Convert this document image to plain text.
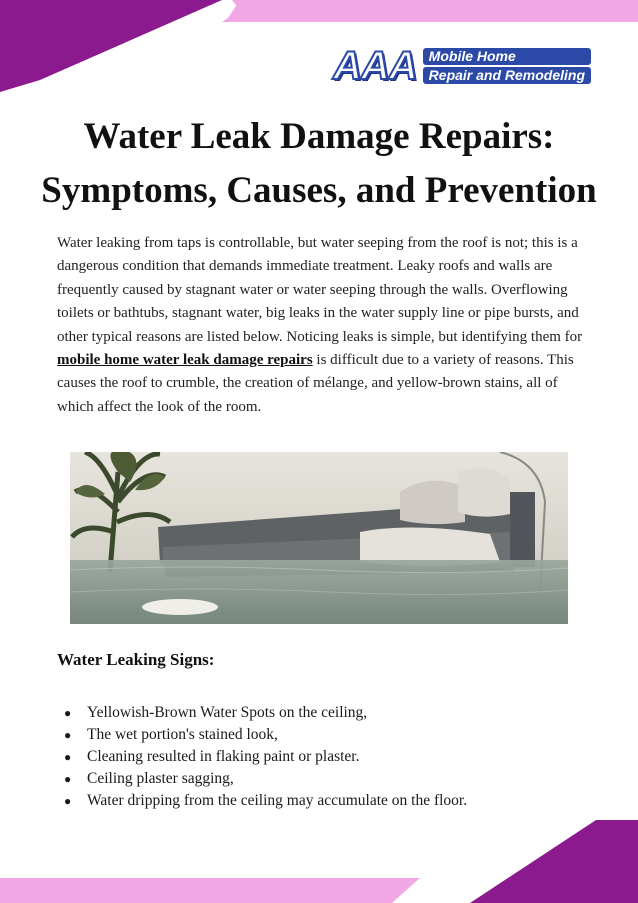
AAA Mobile Home
Repair and Remodeling
Water Leak Damage Repairs:
Symptoms, Causes, and Prevention

Water leaking from taps is controllable, but water seeping from the roof is not; this is a dangerous condition that demands immediate treatment. Leaky roofs and walls are frequently caused by stagnant water or water seeping through the walls. Overflowing toilets or bathtubs, stagnant water, big leaks in the water supply line or pipe bursts, and other typical reasons are listed below. Noticing leaks is simple, but identifying them for mobile home water leak damage repairs is difficult due to a variety of reasons. This causes the roof to crumble, the creation of mélange, and yellow-brown stains, all of which affect the look of the room.

Water Leaking Signs:
●	Yellowish-Brown Water Spots on the ceiling,
●	The wet portion's stained look,
●	Cleaning resulted in flaking paint or plaster.
●	Ceiling plaster sagging,
●	Water dripping from the ceiling may accumulate on the floor.
